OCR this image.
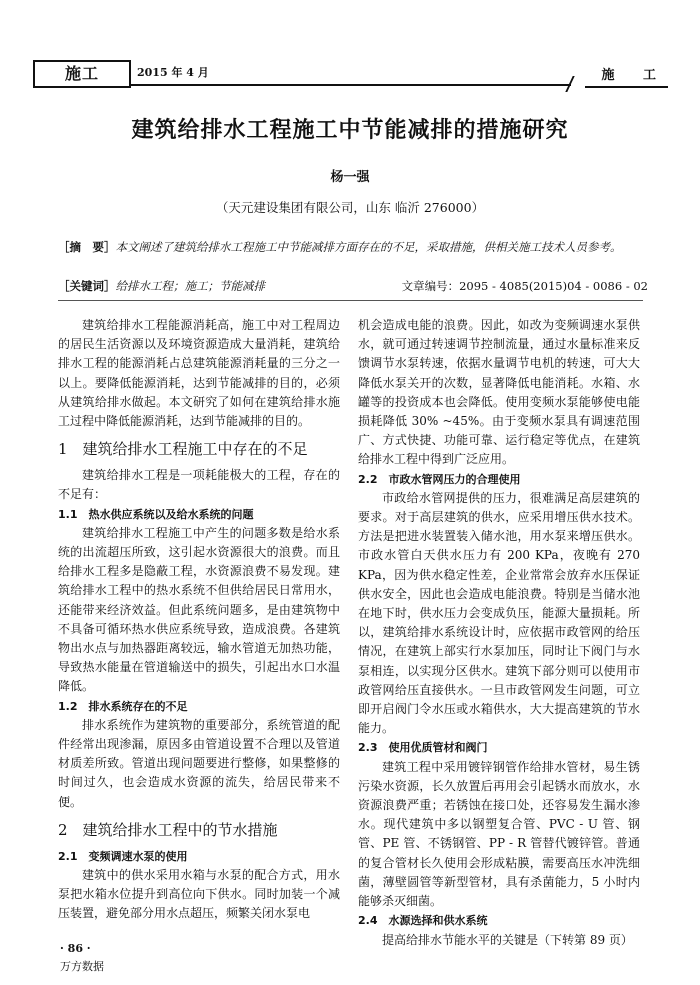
施工	2015 年 4 月	施 工
建筑给排水工程施工中节能减排的措施研究
杨一强
（天元建设集团有限公司，山东 临沂 276000）
［摘　要］本文阐述了建筑给排水工程施工中节能减排方面存在的不足，采取措施，供相关施工技术人员参考。
［关键词］给排水工程；施工；节能减排	文章编号：2095 - 4085(2015)04 - 0086 - 02

建筑给排水工程能源消耗高，施工中对工程周边的居民生活资源以及环境资源造成大量消耗，建筑给排水工程的能源消耗占总建筑能源消耗量的三分之一以上。要降低能源消耗，达到节能减排的目的，必须从建筑给排水做起。本文研究了如何在建筑给排水施工过程中降低能源消耗，达到节能减排的目的。

1　建筑给排水工程施工中存在的不足

建筑给排水工程是一项耗能极大的工程，存在的不足有：

1.1　热水供应系统以及给水系统的问题

建筑给排水工程施工中产生的问题多数是给水系统的出流超压所致，这引起水资源很大的浪费。而且给排水工程多是隐蔽工程，水资源浪费不易发现。建筑给排水工程中的热水系统不但供给居民日常用水，还能带来经济效益。但此系统问题多，是由建筑物中不具备可循环热水供应系统导致，造成浪费。各建筑物出水点与加热器距离较远，输水管道无加热功能，导致热水能量在管道输送中的损失，引起出水口水温降低。

1.2　排水系统存在的不足

排水系统作为建筑物的重要部分，系统管道的配件经常出现渗漏，原因多由管道设置不合理以及管道材质差所致。管道出现问题要进行整修，如果整修的时间过久，也会造成水资源的流失，给居民带来不便。

2　建筑给排水工程中的节水措施
2.1　变频调速水泵的使用

建筑中的供水采用水箱与水泵的配合方式，用水泵把水箱水位提升到高位向下供水。同时加装一个减压装置，避免部分用水点超压，频繁关闭水泵电

机会造成电能的浪费。因此，如改为变频调速水泵供水，就可通过转速调节控制流量，通过水量标准来反馈调节水泵转速，依据水量调节电机的转速，可大大降低水泵关开的次数，显著降低电能消耗。水箱、水罐等的投资成本也会降低。使用变频水泵能够使电能损耗降低 30% ~45%。由于变频水泵具有调速范围广、方式快捷、功能可靠、运行稳定等优点，在建筑给排水工程中得到广泛应用。

2.2　市政水管网压力的合理使用

市政给水管网提供的压力，很难满足高层建筑的要求。对于高层建筑的供水，应采用增压供水技术。方法是把进水装置装入储水池，用水泵来增压供水。市政水管白天供水压力有 200 KPa，夜晚有 270 KPa，因为供水稳定性差，企业常常会放弃水压保证供水安全，因此也会造成电能浪费。特别是当储水池在地下时，供水压力会变成负压，能源大量损耗。所以，建筑给排水系统设计时，应依据市政管网的给压情况，在建筑上部实行水泵加压，同时让下阀门与水泵相连，以实现分区供水。建筑下部分则可以使用市政管网给压直接供水。一旦市政管网发生问题，可立即开启阀门令水压或水箱供水，大大提高建筑的节水能力。

2.3　使用优质管材和阀门

建筑工程中采用镀锌钢管作给排水管材，易生锈污染水资源，长久放置后再用会引起锈水而放水，水资源浪费严重；若锈蚀在接口处，还容易发生漏水渗水。现代建筑中多以钢塑复合管、PVC - U 管、钢管、PE 管、不锈钢管、PP - R 管替代镀锌管。普通的复合管材长久使用会形成粘膜，需要高压水冲洗细菌，薄壁圆管等新型管材，具有杀菌能力，5 小时内能够杀灭细菌。

2.4　水源选择和供水系统

提高给排水节能水平的关键是（下转第 89 页）

· 86 ·
万方数据
